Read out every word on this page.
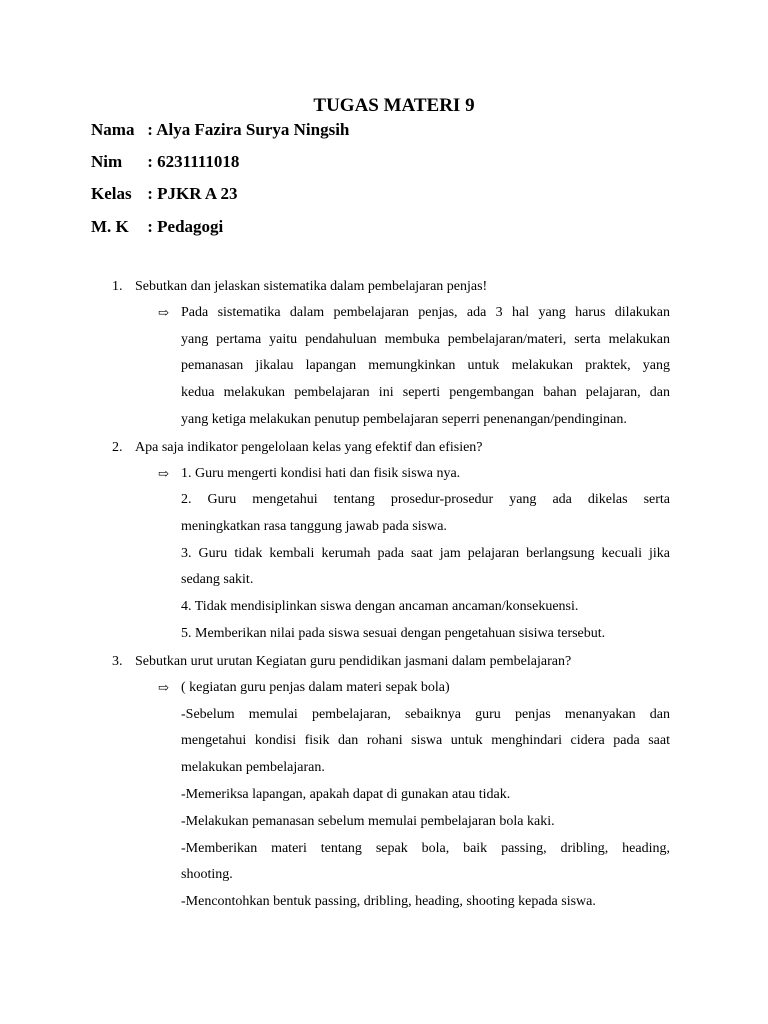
TUGAS MATERI 9
Nama : Alya Fazira Surya Ningsih
Nim : 6231111018
Kelas : PJKR A 23
M. K : Pedagogi
1. Sebutkan dan jelaskan sistematika dalam pembelajaran penjas!
⇨ Pada sistematika dalam pembelajaran penjas, ada 3 hal yang harus dilakukan
yang pertama yaitu pendahuluan membuka pembelajaran/materi, serta melakukan
pemanasan jikalau lapangan memungkinkan untuk melakukan praktek, yang
kedua melakukan pembelajaran ini seperti pengembangan bahan pelajaran, dan
yang ketiga melakukan penutup pembelajaran seperri penenangan/pendinginan.
2. Apa saja indikator pengelolaan kelas yang efektif dan efisien?
⇨ 1. Guru mengerti kondisi hati dan fisik siswa nya.
2. Guru mengetahui tentang prosedur-prosedur yang ada dikelas serta
meningkatkan rasa tanggung jawab pada siswa.
3. Guru tidak kembali kerumah pada saat jam pelajaran berlangsung kecuali jika
sedang sakit.
4. Tidak mendisiplinkan siswa dengan ancaman ancaman/konsekuensi.
5. Memberikan nilai pada siswa sesuai dengan pengetahuan sisiwa tersebut.
3. Sebutkan urut urutan Kegiatan guru pendidikan jasmani dalam pembelajaran?
⇨ ( kegiatan guru penjas dalam materi sepak bola)
-Sebelum memulai pembelajaran, sebaiknya guru penjas menanyakan dan
mengetahui kondisi fisik dan rohani siswa untuk menghindari cidera pada saat
melakukan pembelajaran.
-Memeriksa lapangan, apakah dapat di gunakan atau tidak.
-Melakukan pemanasan sebelum memulai pembelajaran bola kaki.
-Memberikan materi tentang sepak bola, baik passing, dribling, heading,
shooting.
-Mencontohkan bentuk passing, dribling, heading, shooting kepada siswa.
